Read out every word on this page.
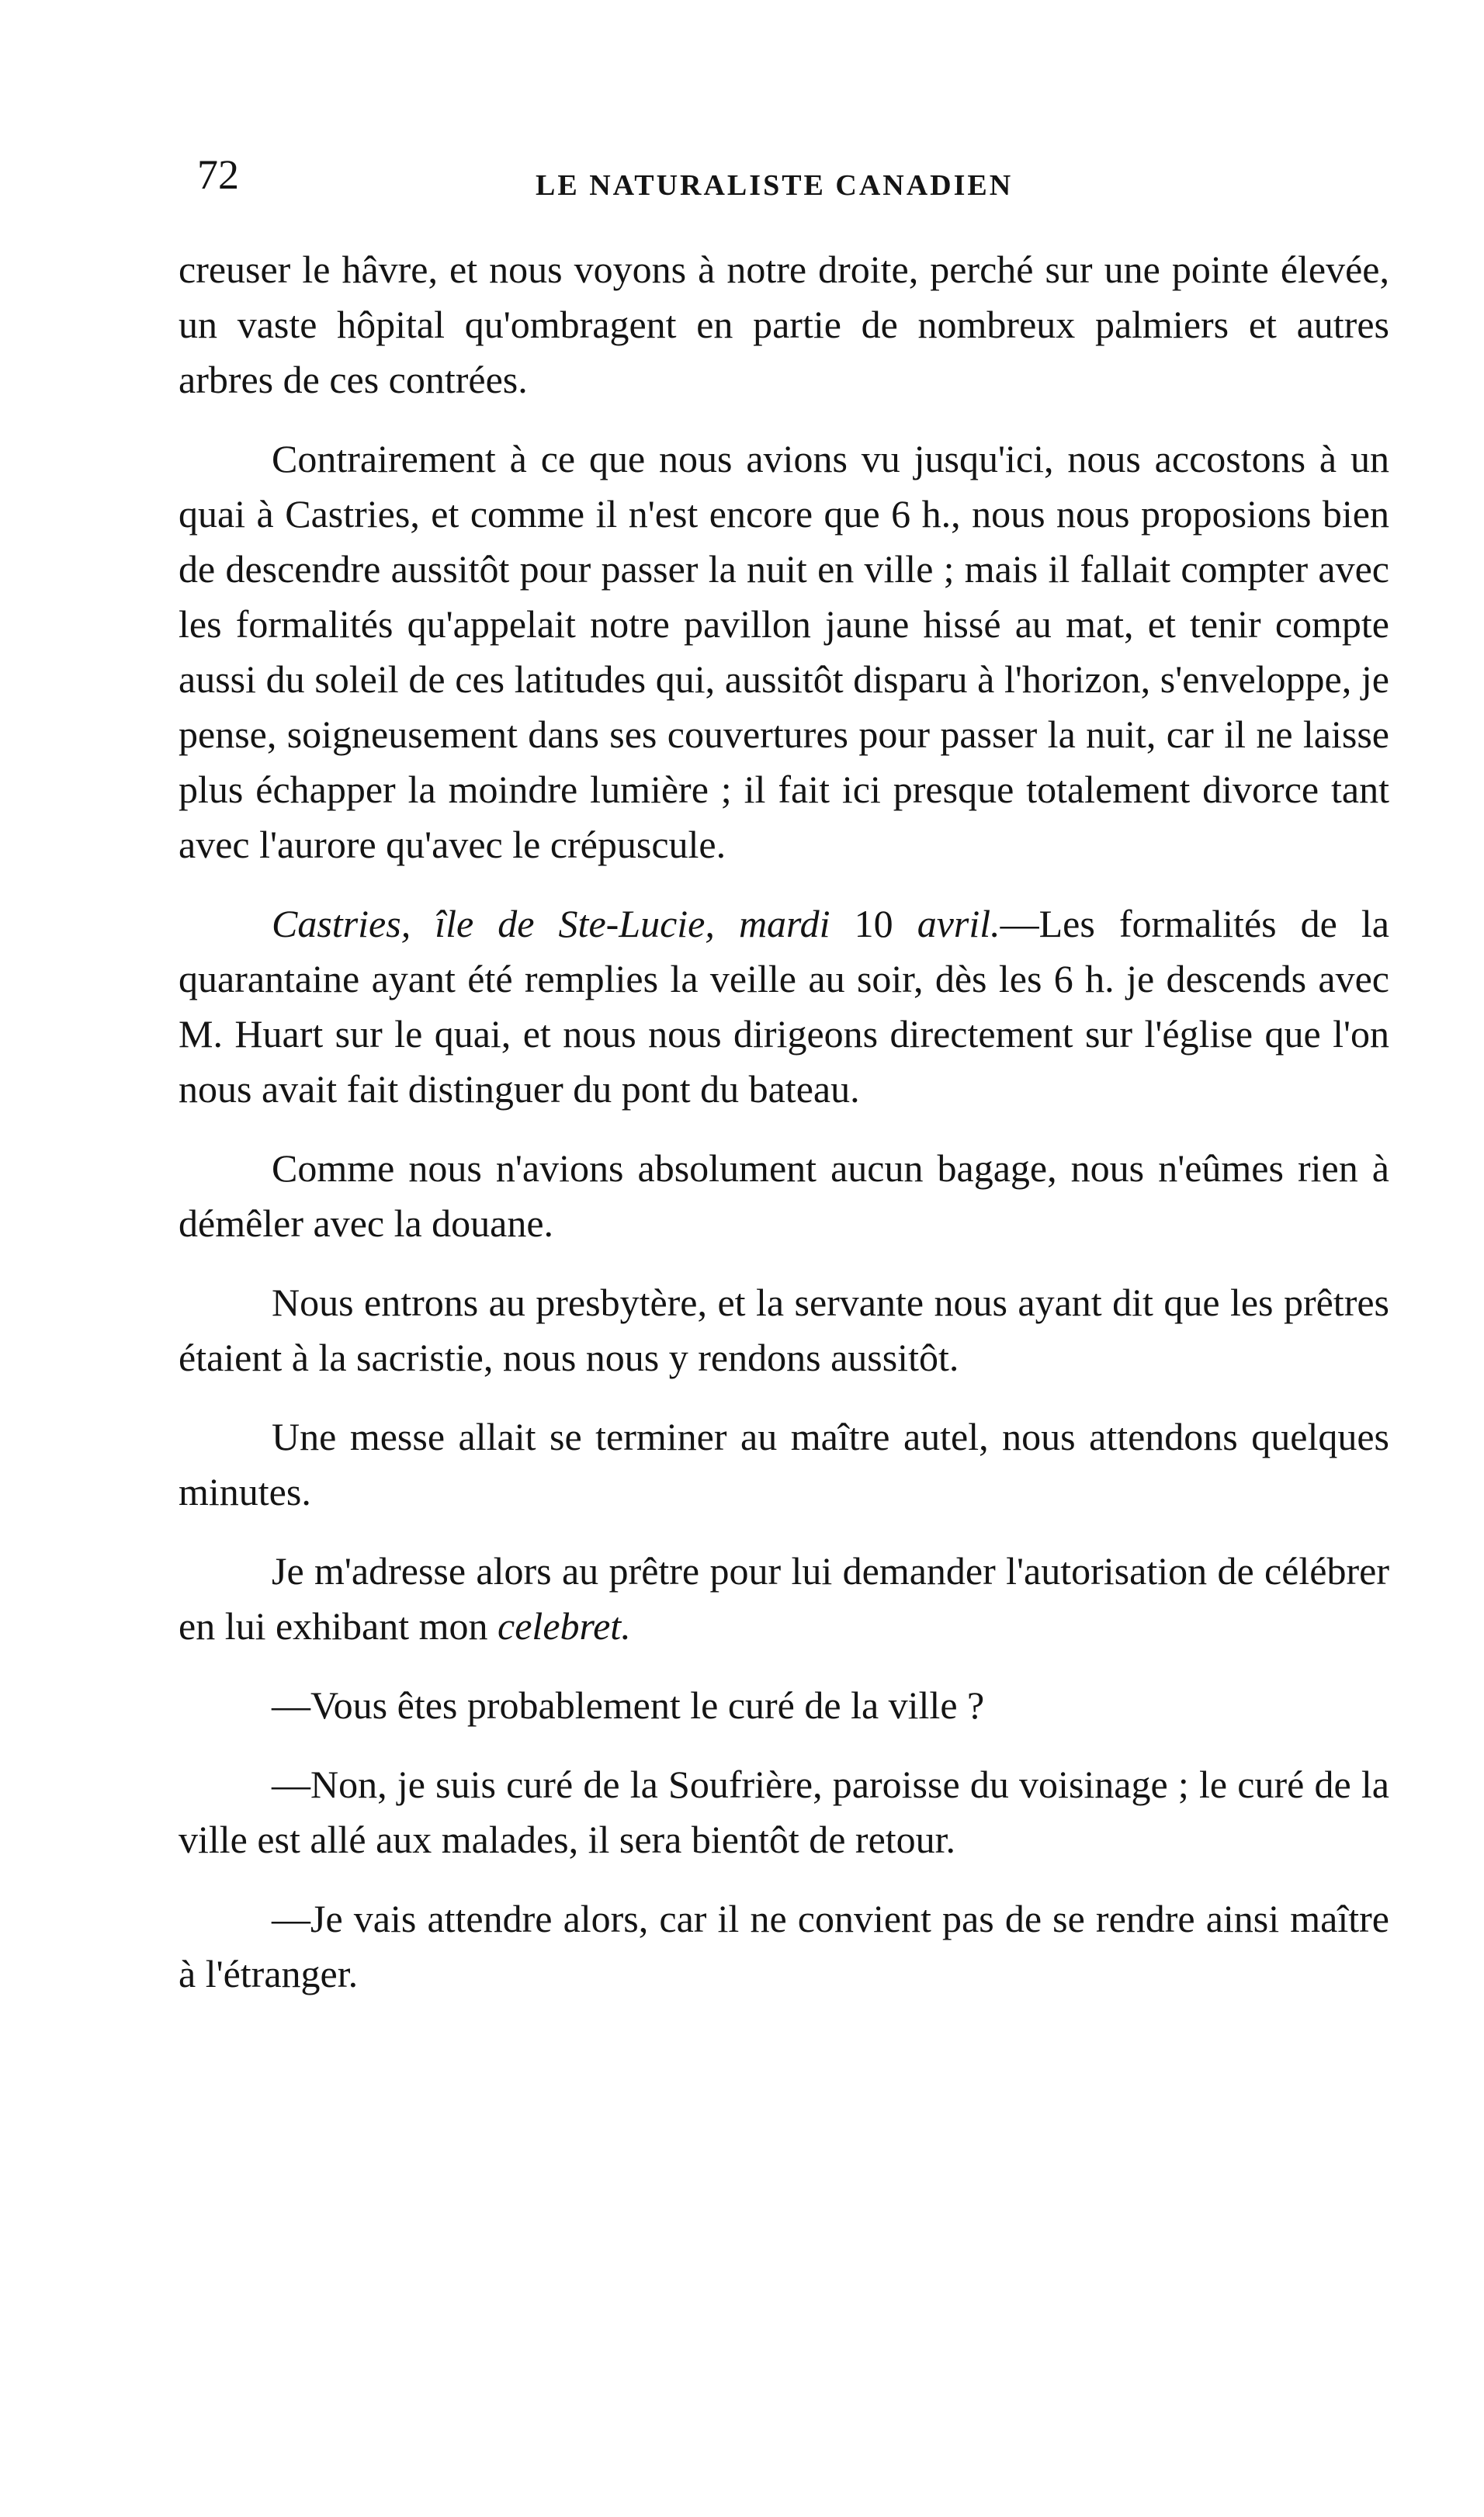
72	LE NATURALISTE CANADIEN

creuser le hâvre, et nous voyons à notre droite, perché sur une pointe élevée, un vaste hôpital qu'ombragent en partie de nombreux palmiers et autres arbres de ces contrées.

Contrairement à ce que nous avions vu jusqu'ici, nous accostons à un quai à Castries, et comme il n'est encore que 6 h., nous nous proposions bien de descendre aussitôt pour passer la nuit en ville ; mais il fallait compter avec les formalités qu'appelait notre pavillon jaune hissé au mat, et tenir compte aussi du soleil de ces latitudes qui, aussitôt disparu à l'horizon, s'enveloppe, je pense, soigneusement dans ses couvertures pour passer la nuit, car il ne laisse plus échapper la moindre lumière ; il fait ici presque totalement divorce tant avec l'aurore qu'avec le crépuscule.

Castries, île de Ste-Lucie, mardi 10 avril.—Les formalités de la quarantaine ayant été remplies la veille au soir, dès les 6 h. je descends avec M. Huart sur le quai, et nous nous dirigeons directement sur l'église que l'on nous avait fait distinguer du pont du bateau.

Comme nous n'avions absolument aucun bagage, nous n'eûmes rien à démêler avec la douane.

Nous entrons au presbytère, et la servante nous ayant dit que les prêtres étaient à la sacristie, nous nous y rendons aussitôt.

Une messe allait se terminer au maître autel, nous attendons quelques minutes.

Je m'adresse alors au prêtre pour lui demander l'autorisation de célébrer en lui exhibant mon celebret.

—Vous êtes probablement le curé de la ville ?

—Non, je suis curé de la Soufrière, paroisse du voisinage ; le curé de la ville est allé aux malades, il sera bientôt de retour.

—Je vais attendre alors, car il ne convient pas de se rendre ainsi maître à l'étranger.
